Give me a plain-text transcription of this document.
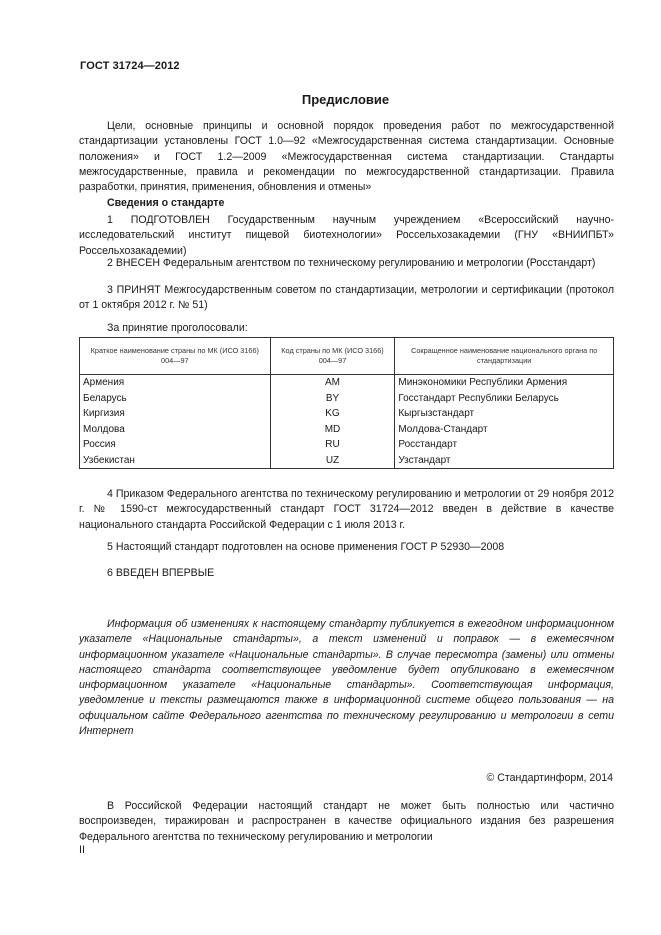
ГОСТ 31724—2012
Предисловие

Цели, основные принципы и основной порядок проведения работ по межгосударственной стандартизации установлены ГОСТ 1.0—92 «Межгосударственная система стандартизации. Основные положения» и ГОСТ 1.2—2009 «Межгосударственная система стандартизации. Стандарты межгосударственные, правила и рекомендации по межгосударственной стандартизации. Правила разработки, принятия, применения, обновления и отмены»

Сведения о стандарте
1 ПОДГОТОВЛЕН Государственным научным учреждением «Всероссийский научно-исследовательский институт пищевой биотехнологии» Россельхозакадемии (ГНУ «ВНИИПБТ» Россельхозакадемии)
2 ВНЕСЕН Федеральным агентством по техническому регулированию и метрологии (Росстандарт)
3 ПРИНЯТ Межгосударственным советом по стандартизации, метрологии и сертификации (протокол от 1 октября 2012 г. № 51)
За принятие проголосовали:
Краткое наименование страны по МК (ИСО 3166) 004—97	Код страны по МК (ИСО 3166) 004—97	Сокращенное наименование национального органа по стандартизации
Армения	AM	Минэкономики Республики Армения
Беларусь	BY	Госстандарт Республики Беларусь
Киргизия	KG	Кыргызстандарт
Молдова	MD	Молдова-Стандарт
Россия	RU	Росстандарт
Узбекистан	UZ	Узстандарт
4 Приказом Федерального агентства по техническому регулированию и метрологии от 29 ноября 2012 г. № 1590-ст межгосударственный стандарт ГОСТ 31724—2012 введен в действие в качестве национального стандарта Российской Федерации с 1 июля 2013 г.
5 Настоящий стандарт подготовлен на основе применения ГОСТ Р 52930—2008
6 ВВЕДЕН ВПЕРВЫЕ

Информация об изменениях к настоящему стандарту публикуется в ежегодном информационном указателе «Национальные стандарты», а текст изменений и поправок — в ежемесячном информационном указателе «Национальные стандарты». В случае пересмотра (замены) или отмены настоящего стандарта соответствующее уведомление будет опубликовано в ежемесячном информационном указателе «Национальные стандарты». Соответствующая информация, уведомление и тексты размещаются также в информационной системе общего пользования — на официальном сайте Федерального агентства по техническому регулированию и метрологии в сети Интернет

© Стандартинформ, 2014

В Российской Федерации настоящий стандарт не может быть полностью или частично воспроизведен, тиражирован и распространен в качестве официального издания без разрешения Федерального агентства по техническому регулированию и метрологии

II
